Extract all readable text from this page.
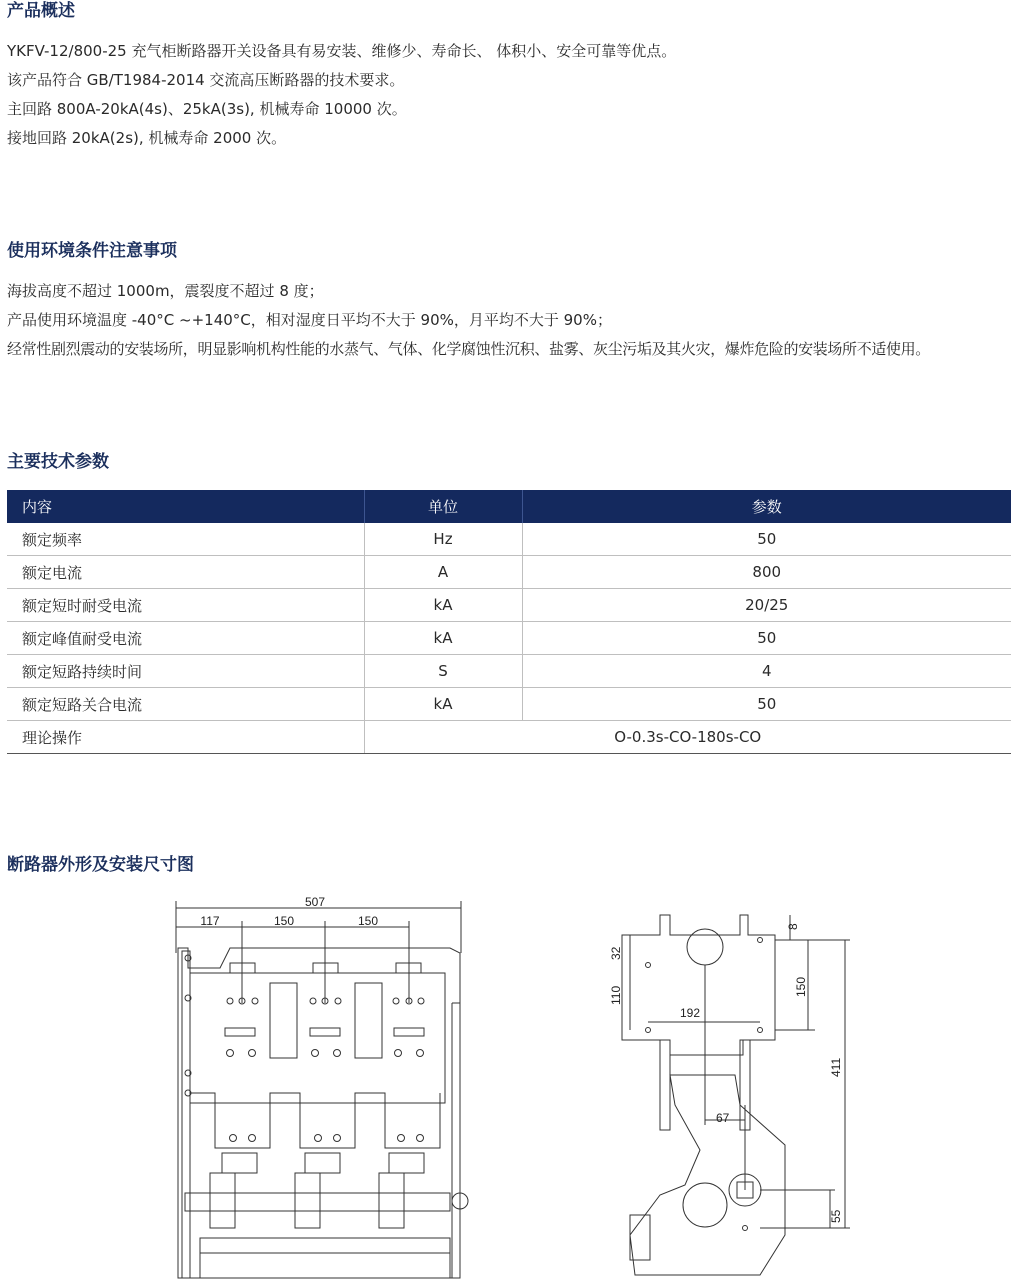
产品概述
YKFV-12/800-25 充气柜断路器开关设备具有易安装、维修少、寿命长、 体积小、安全可靠等优点。
该产品符合 GB/T1984-2014 交流高压断路器的技术要求。
主回路 800A-20kA(4s)、25kA(3s), 机械寿命 10000 次。
接地回路 20kA(2s), 机械寿命 2000 次。
使用环境条件注意事项
海拔高度不超过 1000m，震裂度不超过 8 度；
产品使用环境温度 -40°C ~+140°C，相对湿度日平均不大于 90%，月平均不大于 90%；
经常性剧烈震动的安装场所，明显影响机构性能的水蒸气、气体、化学腐蚀性沉积、盐雾、灰尘污垢及其火灾，爆炸危险的安装场所不适使用。
主要技术参数
内容	单位	参数
额定频率	Hz	50
额定电流	A	800
额定短时耐受电流	kA	20/25
额定峰值耐受电流	kA	50
额定短路持续时间	S	4
额定短路关合电流	kA	50
理论操作	O-0.3s-CO-180s-CO	
断路器外形及安装尺寸图
507
117	150	150	8
32
150
110
192
411
67
55
